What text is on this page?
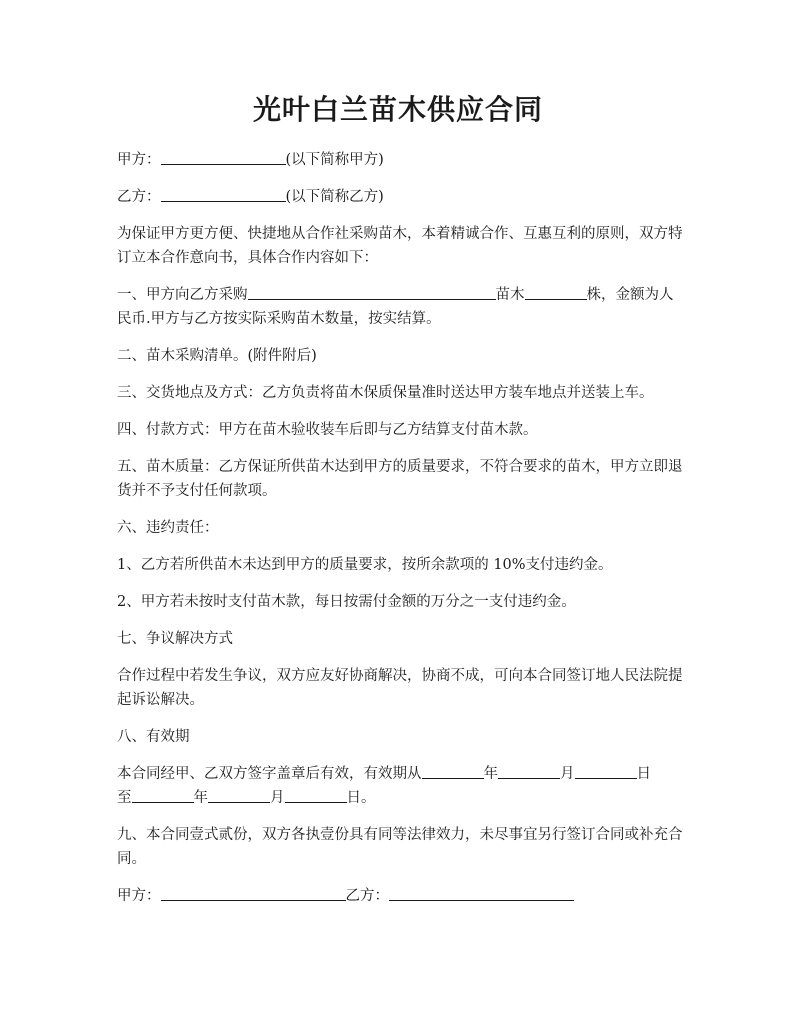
光叶白兰苗木供应合同

甲方：	(以下简称甲方)

乙方：	(以下简称乙方)

为保证甲方更方便、快捷地从合作社采购苗木，本着精诚合作、互惠互利的原则，双方特订立本合作意向书，具体合作内容如下：

一、甲方向乙方采购	苗木	株，金额为人民币.甲方与乙方按实际采购苗木数量，按实结算。

二、苗木采购清单。(附件附后)

三、交货地点及方式：乙方负责将苗木保质保量准时送达甲方装车地点并送装上车。

四、付款方式：甲方在苗木验收装车后即与乙方结算支付苗木款。

五、苗木质量：乙方保证所供苗木达到甲方的质量要求，不符合要求的苗木，甲方立即退货并不予支付任何款项。

六、违约责任：

1、乙方若所供苗木未达到甲方的质量要求，按所余款项的 10%支付违约金。

2、甲方若未按时支付苗木款，每日按需付金额的万分之一支付违约金。

七、争议解决方式

合作过程中若发生争议，双方应友好协商解决，协商不成，可向本合同签订地人民法院提起诉讼解决。

八、有效期

本合同经甲、乙双方签字盖章后有效，有效期从	年	月	日
至	年	月	日。

九、本合同壹式贰份，双方各执壹份具有同等法律效力，未尽事宜另行签订合同或补充合同。

甲方：	乙方：
